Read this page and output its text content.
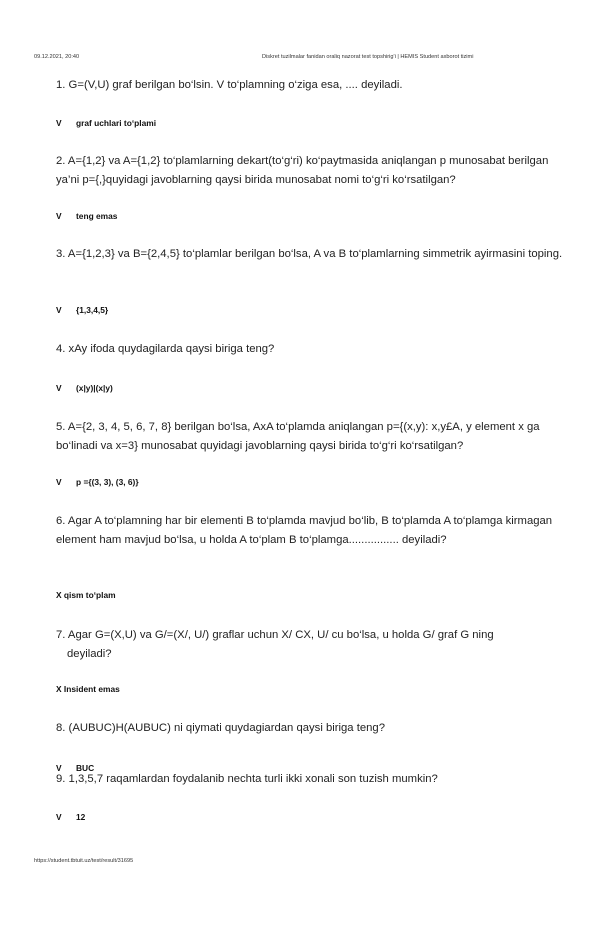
09.12.2021, 20:40	Diskret tuzilmalar fanidan oraliq nazorat test topshirig'i | HEMIS Student axborot tizimi
1. G=(V,U) graf berilgan bo‘lsin. V to‘plamning o‘ziga esa, .... deyiladi.
V graf uchlari to‘plami
2. A={1,2} va A={1,2} to‘plamlarning dekart(to‘g‘ri) ko‘paytmasida aniqlangan p munosabat berilgan ya’ni p={,}quyidagi javoblarning qaysi birida munosabat nomi to‘g‘ri ko‘rsatilgan?
V teng emas
3. A={1,2,3} va B={2,4,5} to‘plamlar berilgan bo‘lsa, A va B to‘plamlarning simmetrik ayirmasini toping.
V {1,3,4,5}
4. xAy ifoda quydagilarda qaysi biriga teng?
V (x|y)|(x|y)
5. A={2, 3, 4, 5, 6, 7, 8} berilgan bo‘lsa, AxA to‘plamda aniqlangan p={(x,y): x,y£A, y element x ga bo‘linadi va x=3} munosabat quyidagi javoblarning qaysi birida to‘g‘ri ko‘rsatilgan?
V p ={(3, 3), (3, 6)}
6. Agar A to‘plamning har bir elementi B to‘plamda mavjud bo‘lib, B to‘plamda A to‘plamga kirmagan element ham mavjud bo‘lsa, u holda A to‘plam B to‘plamga................ deyiladi?
X qism to‘plam
7. Agar G=(X,U) va G/=(X/, U/) graflar uchun X/ CX, U/ cu bo‘lsa, u holda G/ graf G ning
deyiladi?
X Insident emas
8. (AUBUC)H(AUBUC) ni qiymati quydagiardan qaysi biriga teng?
V BUC
9. 1,3,5,7 raqamlardan foydalanib nechta turli ikki xonali son tuzish mumkin?
V 12
https://student.tbtuit.uz/test/result/31695
